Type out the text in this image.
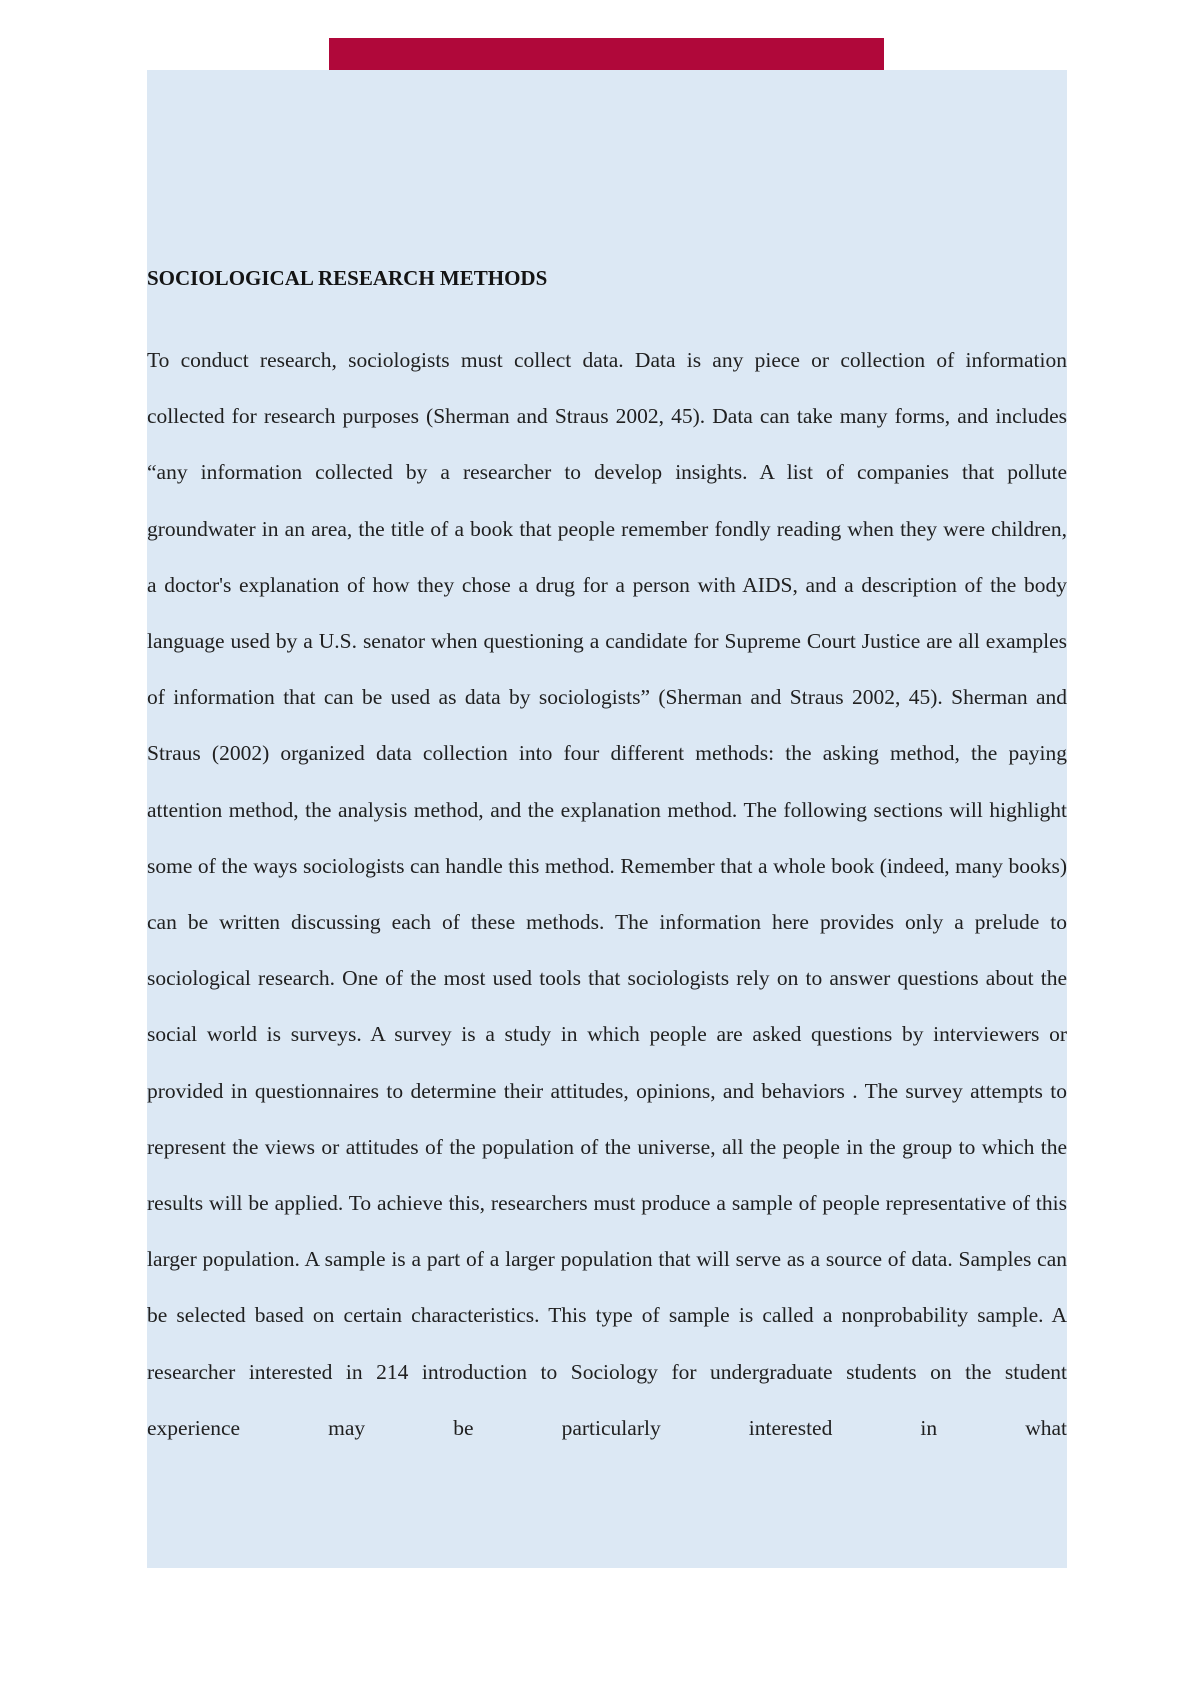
SOCIOLOGICAL RESEARCH METHODS

To conduct research, sociologists must collect data. Data is any piece or collection of information collected for research purposes (Sherman and Straus 2002, 45). Data can take many forms, and includes “any information collected by a researcher to develop insights. A list of companies that pollute groundwater in an area, the title of a book that people remember fondly reading when they were children, a doctor's explanation of how they chose a drug for a person with AIDS, and a description of the body language used by a U.S. senator when questioning a candidate for Supreme Court Justice are all examples of information that can be used as data by sociologists” (Sherman and Straus 2002, 45). Sherman and Straus (2002) organized data collection into four different methods: the asking method, the paying attention method, the analysis method, and the explanation method. The following sections will highlight some of the ways sociologists can handle this method. Remember that a whole book (indeed, many books) can be written discussing each of these methods. The information here provides only a prelude to sociological research. One of the most used tools that sociologists rely on to answer questions about the social world is surveys. A survey is a study in which people are asked questions by interviewers or provided in questionnaires to determine their attitudes, opinions, and behaviors . The survey attempts to represent the views or attitudes of the population of the universe, all the people in the group to which the results will be applied. To achieve this, researchers must produce a sample of people representative of this larger population. A sample is a part of a larger population that will serve as a source of data. Samples can be selected based on certain characteristics. This type of sample is called a nonprobability sample. A researcher interested in 214 introduction to Sociology for undergraduate students on the student experience may be particularly interested in what
